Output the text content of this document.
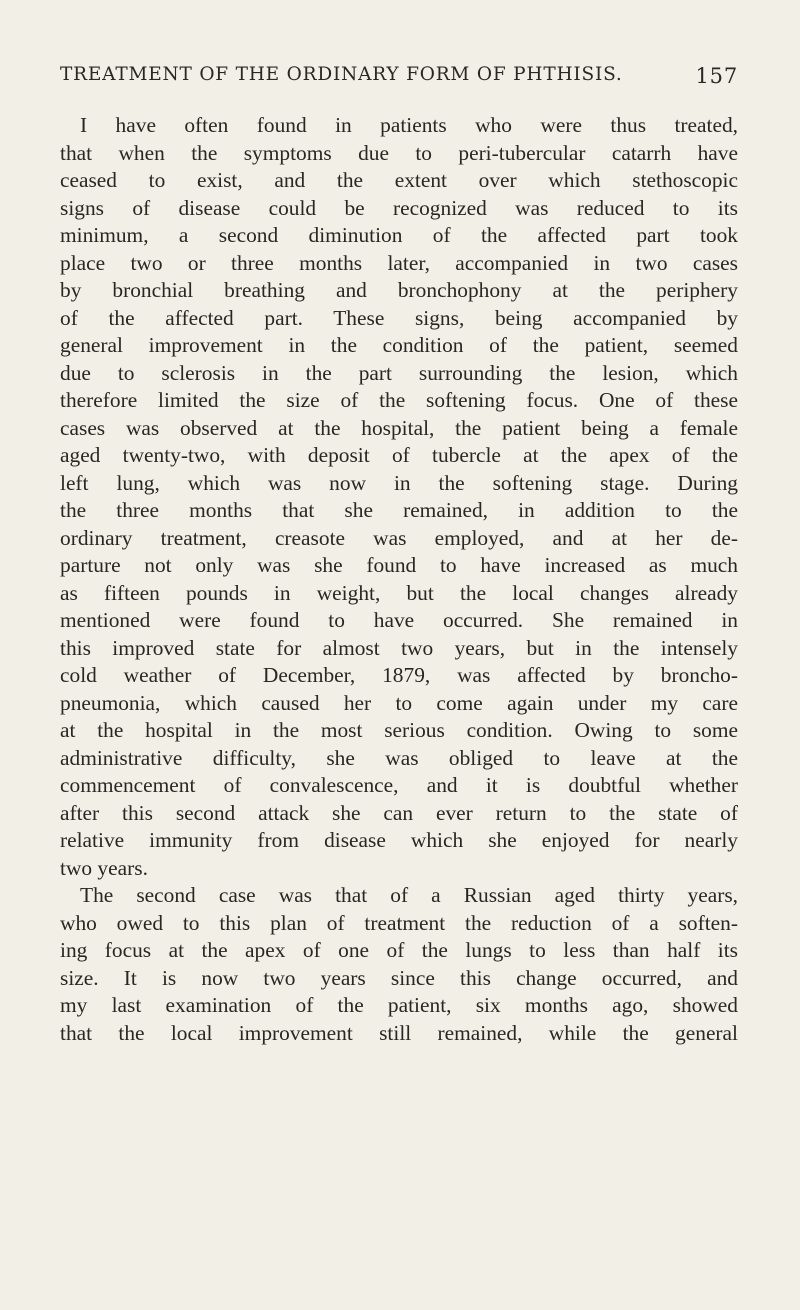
TREATMENT OF THE ORDINARY FORM OF PHTHISIS.	157
I have often found in patients who were thus treated,
that when the symptoms due to peri-tubercular catarrh have
ceased to exist, and the extent over which stethoscopic
signs of disease could be recognized was reduced to its
minimum, a second diminution of the affected part took
place two or three months later, accompanied in two cases
by bronchial breathing and bronchophony at the periphery
of the affected part. These signs, being accompanied by
general improvement in the condition of the patient, seemed
due to sclerosis in the part surrounding the lesion, which
therefore limited the size of the softening focus. One of these
cases was observed at the hospital, the patient being a female
aged twenty-two, with deposit of tubercle at the apex of the
left lung, which was now in the softening stage. During
the three months that she remained, in addition to the
ordinary treatment, creasote was employed, and at her de-
parture not only was she found to have increased as much
as fifteen pounds in weight, but the local changes already
mentioned were found to have occurred. She remained in
this improved state for almost two years, but in the intensely
cold weather of December, 1879, was affected by broncho-
pneumonia, which caused her to come again under my care
at the hospital in the most serious condition. Owing to some
administrative difficulty, she was obliged to leave at the
commencement of convalescence, and it is doubtful whether
after this second attack she can ever return to the state of
relative immunity from disease which she enjoyed for nearly
two years.
The second case was that of a Russian aged thirty years,
who owed to this plan of treatment the reduction of a soften-
ing focus at the apex of one of the lungs to less than half its
size. It is now two years since this change occurred, and
my last examination of the patient, six months ago, showed
that the local improvement still remained, while the general
